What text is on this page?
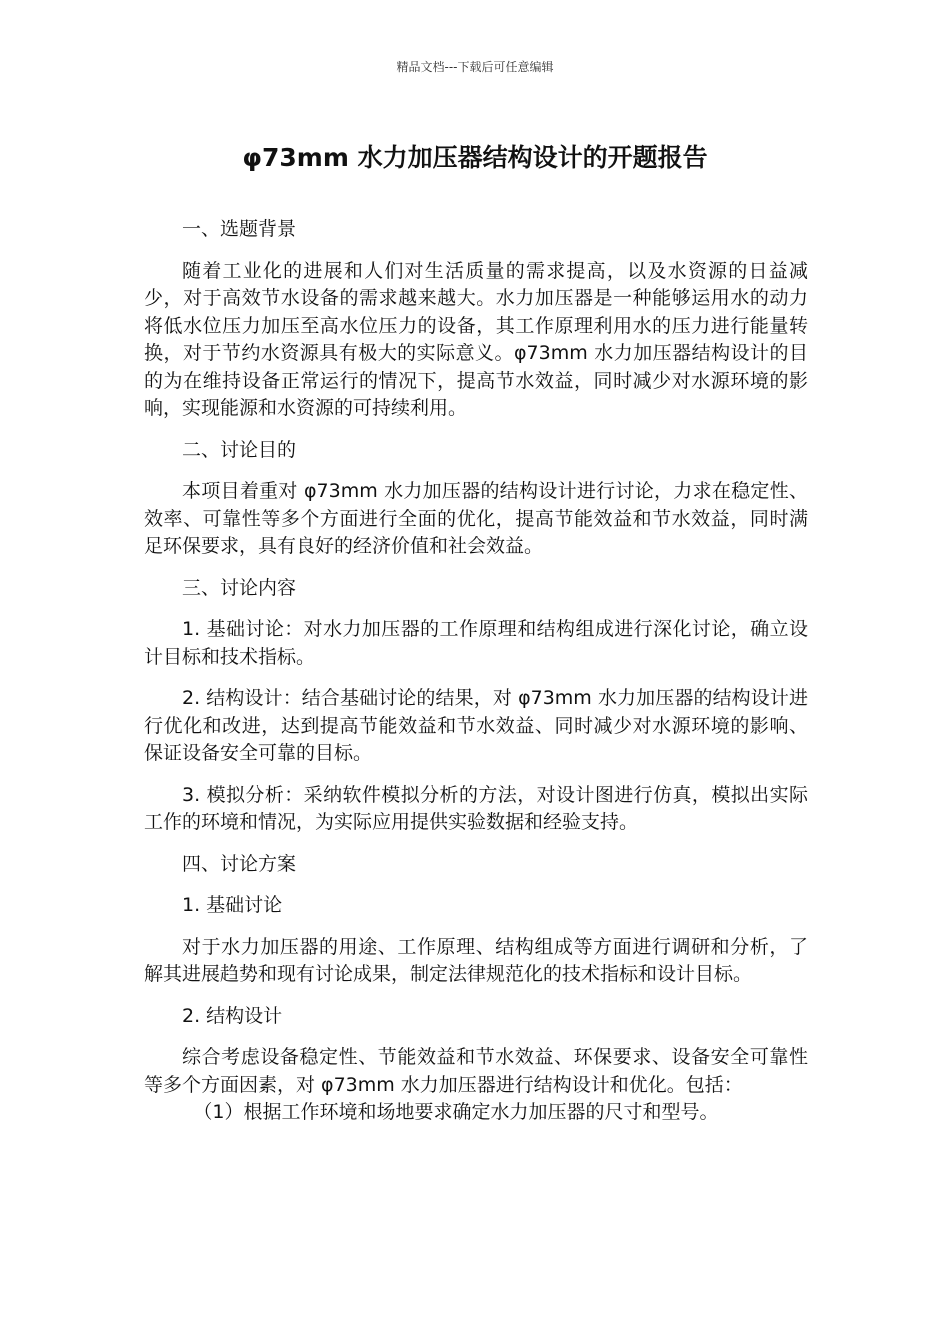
精品文档---下载后可任意编辑
φ73mm 水力加压器结构设计的开题报告

一、选题背景

随着工业化的进展和人们对生活质量的需求提高，以及水资源的日益减少，对于高效节水设备的需求越来越大。水力加压器是一种能够运用水的动力将低水位压力加压至高水位压力的设备，其工作原理利用水的压力进行能量转换，对于节约水资源具有极大的实际意义。φ73mm 水力加压器结构设计的目的为在维持设备正常运行的情况下，提高节水效益，同时减少对水源环境的影响，实现能源和水资源的可持续利用。

二、讨论目的

本项目着重对 φ73mm 水力加压器的结构设计进行讨论，力求在稳定性、效率、可靠性等多个方面进行全面的优化，提高节能效益和节水效益，同时满足环保要求，具有良好的经济价值和社会效益。

三、讨论内容

1. 基础讨论：对水力加压器的工作原理和结构组成进行深化讨论，确立设计目标和技术指标。

2. 结构设计：结合基础讨论的结果，对 φ73mm 水力加压器的结构设计进行优化和改进，达到提高节能效益和节水效益、同时减少对水源环境的影响、保证设备安全可靠的目标。

3. 模拟分析：采纳软件模拟分析的方法，对设计图进行仿真，模拟出实际工作的环境和情况，为实际应用提供实验数据和经验支持。

四、讨论方案

1. 基础讨论

对于水力加压器的用途、工作原理、结构组成等方面进行调研和分析，了解其进展趋势和现有讨论成果，制定法律规范化的技术指标和设计目标。

2. 结构设计

综合考虑设备稳定性、节能效益和节水效益、环保要求、设备安全可靠性等多个方面因素，对 φ73mm 水力加压器进行结构设计和优化。包括：

（1）根据工作环境和场地要求确定水力加压器的尺寸和型号。
